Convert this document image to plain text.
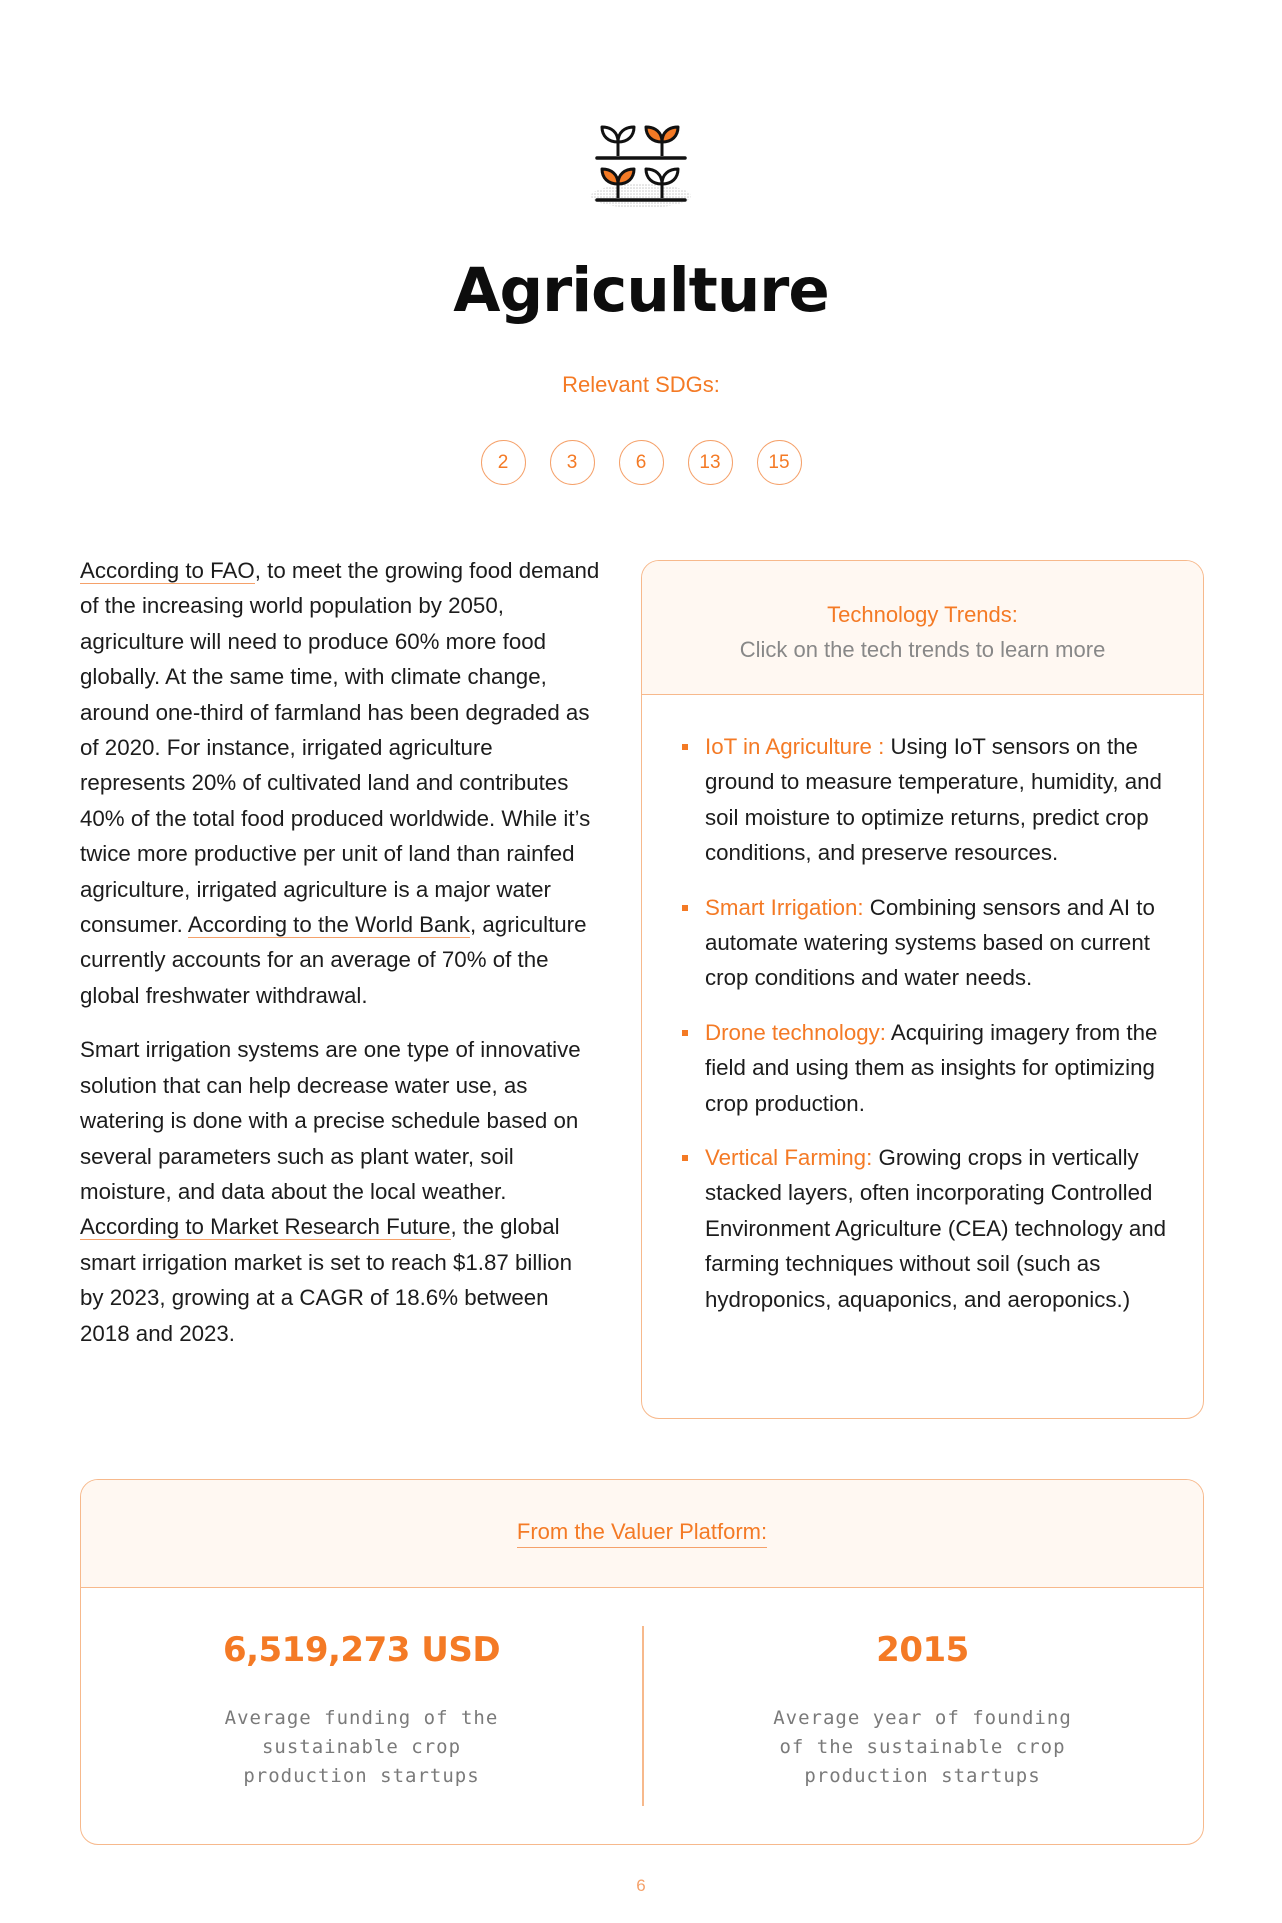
Agriculture
Relevant SDGs:
2	3	6	13	15

According to FAO, to meet the growing food demand of the increasing world population by 2050, agriculture will need to produce 60% more food globally. At the same time, with climate change, around one-third of farmland has been degraded as of 2020. For instance, irrigated agriculture represents 20% of cultivated land and contributes 40% of the total food produced worldwide. While it’s twice more productive per unit of land than rainfed agriculture, irrigated agriculture is a major water consumer. According to the World Bank, agriculture currently accounts for an average of 70% of the global freshwater withdrawal.

Smart irrigation systems are one type of innovative solution that can help decrease water use, as watering is done with a precise schedule based on several parameters such as plant water, soil moisture, and data about the local weather. According to Market Research Future, the global smart irrigation market is set to reach $1.87 billion by 2023, growing at a CAGR of 18.6% between 2018 and 2023.

Technology Trends:
Click on the tech trends to learn more
IoT in Agriculture : Using IoT sensors on the ground to measure temperature, humidity, and soil moisture to optimize returns, predict crop conditions, and preserve resources.
Smart Irrigation: Combining sensors and AI to automate watering systems based on current crop conditions and water needs.
Drone technology: Acquiring imagery from the field and using them as insights for optimizing crop production.
Vertical Farming: Growing crops in vertically stacked layers, often incorporating Controlled Environment Agriculture (CEA) technology and farming techniques without soil (such as hydroponics, aquaponics, and aeroponics.)
From the Valuer Platform:
6,519,273 USD
Average funding of the sustainable crop production startups
2015
Average year of founding of the sustainable crop production startups
6
